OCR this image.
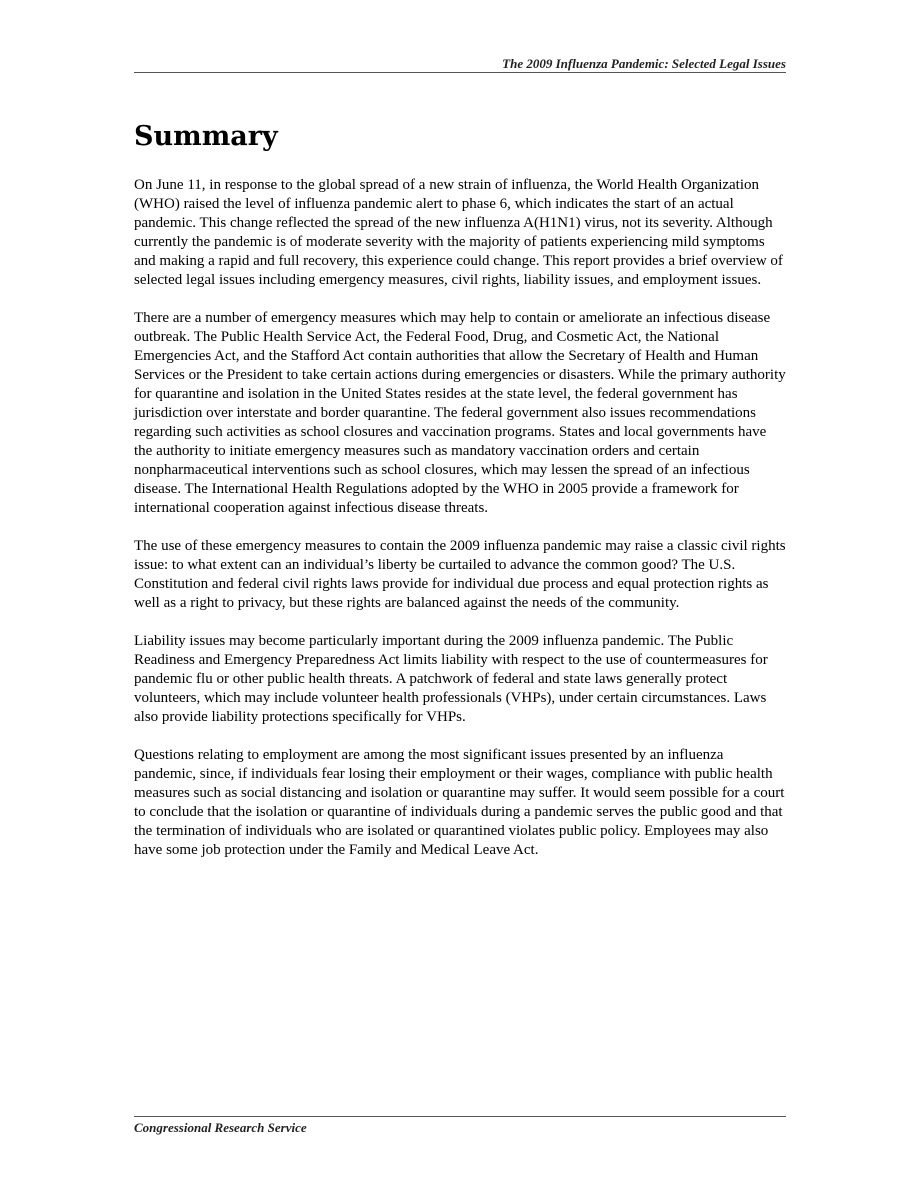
The 2009 Influenza Pandemic: Selected Legal Issues
Summary

On June 11, in response to the global spread of a new strain of influenza, the World Health Organization (WHO) raised the level of influenza pandemic alert to phase 6, which indicates the start of an actual pandemic. This change reflected the spread of the new influenza A(H1N1) virus, not its severity. Although currently the pandemic is of moderate severity with the majority of patients experiencing mild symptoms and making a rapid and full recovery, this experience could change. This report provides a brief overview of selected legal issues including emergency measures, civil rights, liability issues, and employment issues.

There are a number of emergency measures which may help to contain or ameliorate an infectious disease outbreak. The Public Health Service Act, the Federal Food, Drug, and Cosmetic Act, the National Emergencies Act, and the Stafford Act contain authorities that allow the Secretary of Health and Human Services or the President to take certain actions during emergencies or disasters. While the primary authority for quarantine and isolation in the United States resides at the state level, the federal government has jurisdiction over interstate and border quarantine. The federal government also issues recommendations regarding such activities as school closures and vaccination programs. States and local governments have the authority to initiate emergency measures such as mandatory vaccination orders and certain nonpharmaceutical interventions such as school closures, which may lessen the spread of an infectious disease. The International Health Regulations adopted by the WHO in 2005 provide a framework for international cooperation against infectious disease threats.

The use of these emergency measures to contain the 2009 influenza pandemic may raise a classic civil rights issue: to what extent can an individual’s liberty be curtailed to advance the common good? The U.S. Constitution and federal civil rights laws provide for individual due process and equal protection rights as well as a right to privacy, but these rights are balanced against the needs of the community.

Liability issues may become particularly important during the 2009 influenza pandemic. The Public Readiness and Emergency Preparedness Act limits liability with respect to the use of countermeasures for pandemic flu or other public health threats. A patchwork of federal and state laws generally protect volunteers, which may include volunteer health professionals (VHPs), under certain circumstances. Laws also provide liability protections specifically for VHPs.

Questions relating to employment are among the most significant issues presented by an influenza pandemic, since, if individuals fear losing their employment or their wages, compliance with public health measures such as social distancing and isolation or quarantine may suffer. It would seem possible for a court to conclude that the isolation or quarantine of individuals during a pandemic serves the public good and that the termination of individuals who are isolated or quarantined violates public policy. Employees may also have some job protection under the Family and Medical Leave Act.

Congressional Research Service
